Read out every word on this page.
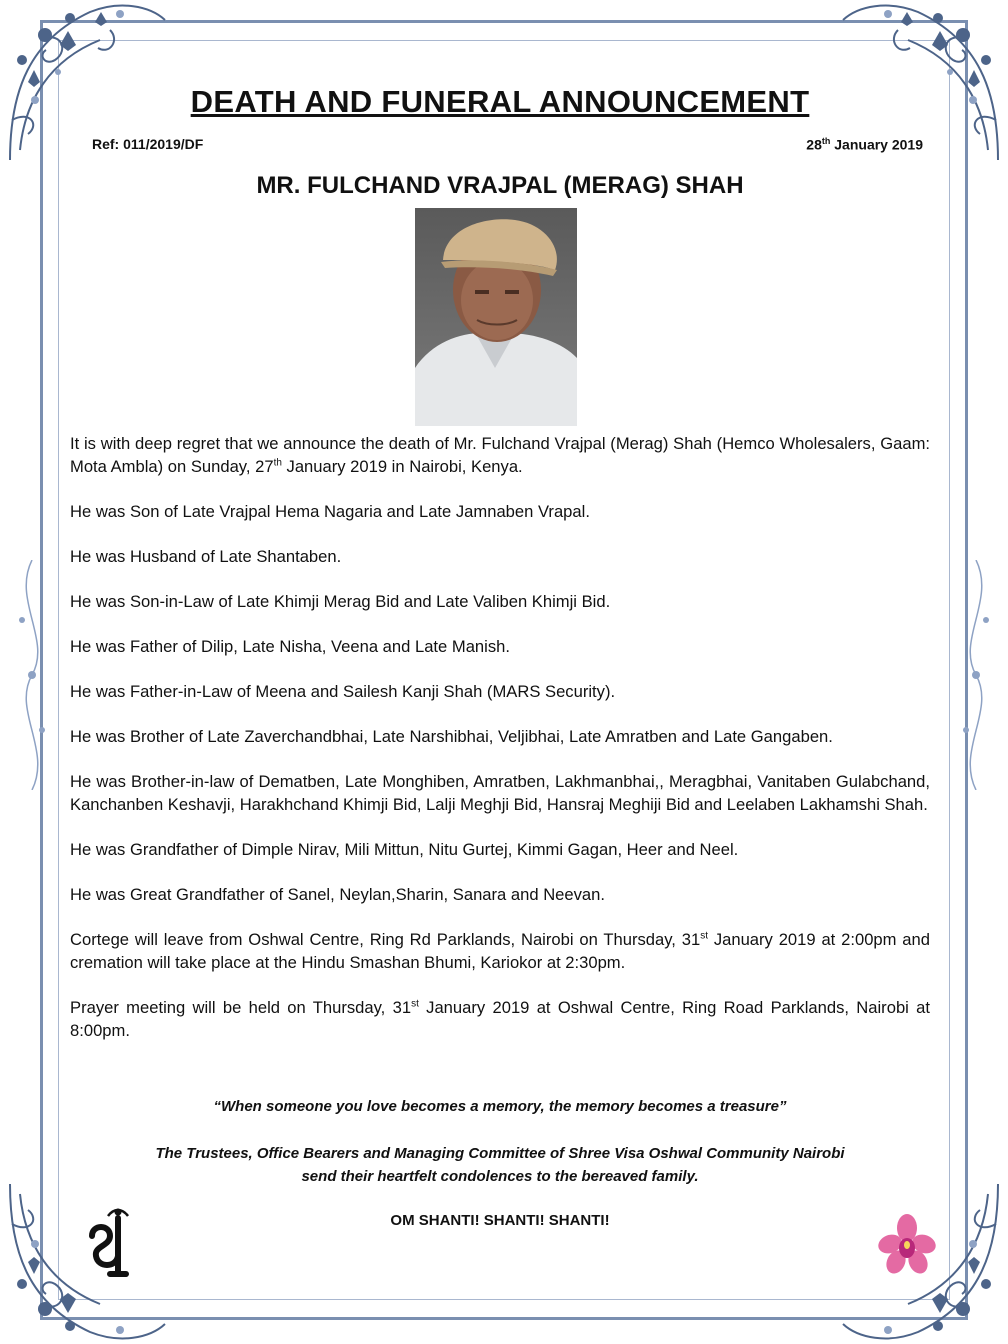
DEATH AND FUNERAL ANNOUNCEMENT
Ref: 011/2019/DF	28th January 2019
MR. FULCHAND VRAJPAL (MERAG) SHAH

It is with deep regret that we announce the death of Mr. Fulchand Vrajpal (Merag) Shah (Hemco Wholesalers, Gaam: Mota Ambla) on Sunday, 27th January 2019 in Nairobi, Kenya.

He was Son of Late Vrajpal Hema Nagaria and Late Jamnaben Vrapal.

He was Husband of Late Shantaben.

He was Son-in-Law of Late Khimji Merag Bid and Late Valiben Khimji Bid.

He was Father of Dilip, Late Nisha, Veena and Late Manish.

He was Father-in-Law of Meena and Sailesh Kanji Shah (MARS Security).

He was Brother of Late Zaverchandbhai, Late Narshibhai, Veljibhai, Late Amratben and Late Gangaben.

He was Brother-in-law of Dematben, Late Monghiben, Amratben, Lakhmanbhai,, Meragbhai, Vanitaben Gulabchand, Kanchanben Keshavji, Harakhchand Khimji Bid, Lalji Meghji Bid, Hansraj Meghiji Bid and Leelaben Lakhamshi Shah.

He was Grandfather of Dimple Nirav, Mili Mittun, Nitu Gurtej, Kimmi Gagan, Heer and Neel.

He was Great Grandfather of Sanel, Neylan,Sharin, Sanara and Neevan.

Cortege will leave from Oshwal Centre, Ring Rd Parklands, Nairobi on Thursday, 31st January 2019 at 2:00pm and cremation will take place at the Hindu Smashan Bhumi, Kariokor at 2:30pm.

Prayer meeting will be held on Thursday, 31st January 2019 at Oshwal Centre, Ring Road Parklands, Nairobi at 8:00pm.

“When someone you love becomes a memory, the memory becomes a treasure”
The Trustees, Office Bearers and Managing Committee of Shree Visa Oshwal Community Nairobi
send their heartfelt condolences to the bereaved family.
OM SHANTI! SHANTI! SHANTI!
